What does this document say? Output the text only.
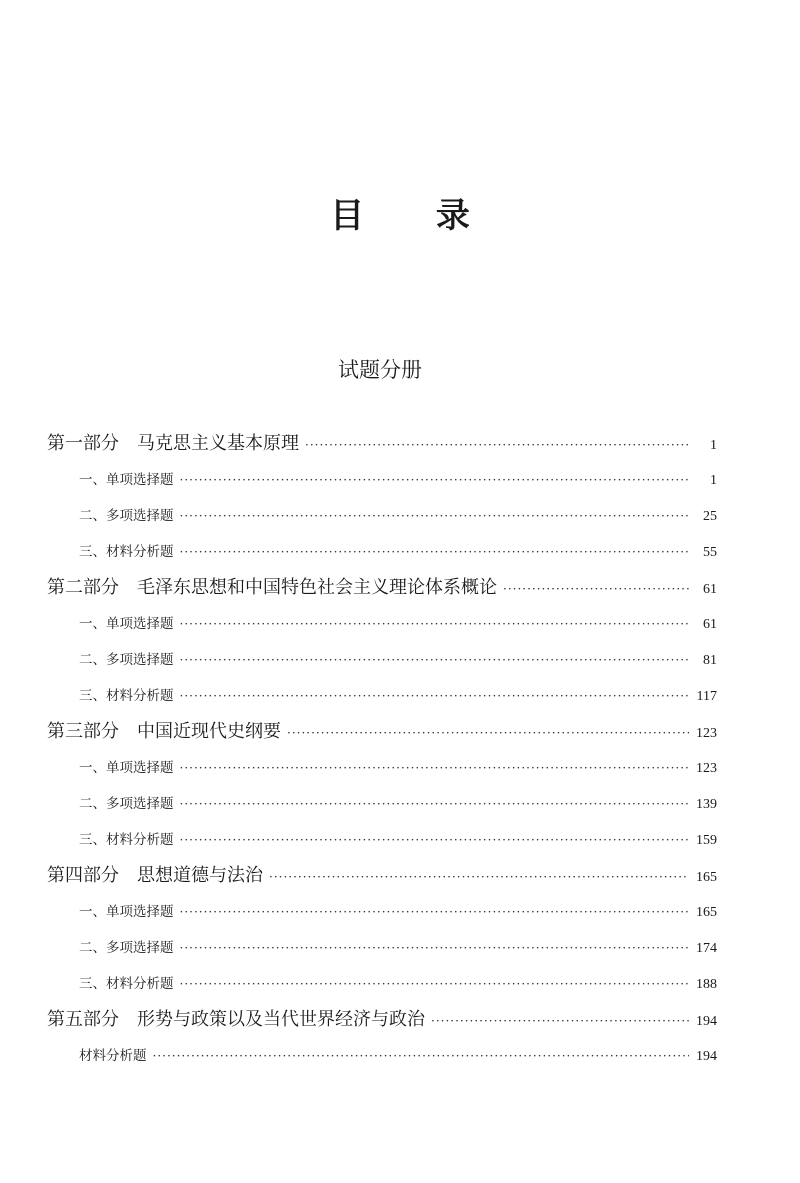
目 录
试题分册
第一部分 马克思主义基本原理 ·····	1
一、单项选择题 ·····	1
二、多项选择题 ·····	25
三、材料分析题 ·····	55
第二部分 毛泽东思想和中国特色社会主义理论体系概论 ·····	61
一、单项选择题 ·····	61
二、多项选择题 ·····	81
三、材料分析题 ·····	117
第三部分 中国近现代史纲要 ·····	123
一、单项选择题 ·····	123
二、多项选择题 ·····	139
三、材料分析题 ·····	159
第四部分 思想道德与法治 ·····	165
一、单项选择题 ·····	165
二、多项选择题 ·····	174
三、材料分析题 ·····	188
第五部分 形势与政策以及当代世界经济与政治 ·····	194
材料分析题 ·····	194
